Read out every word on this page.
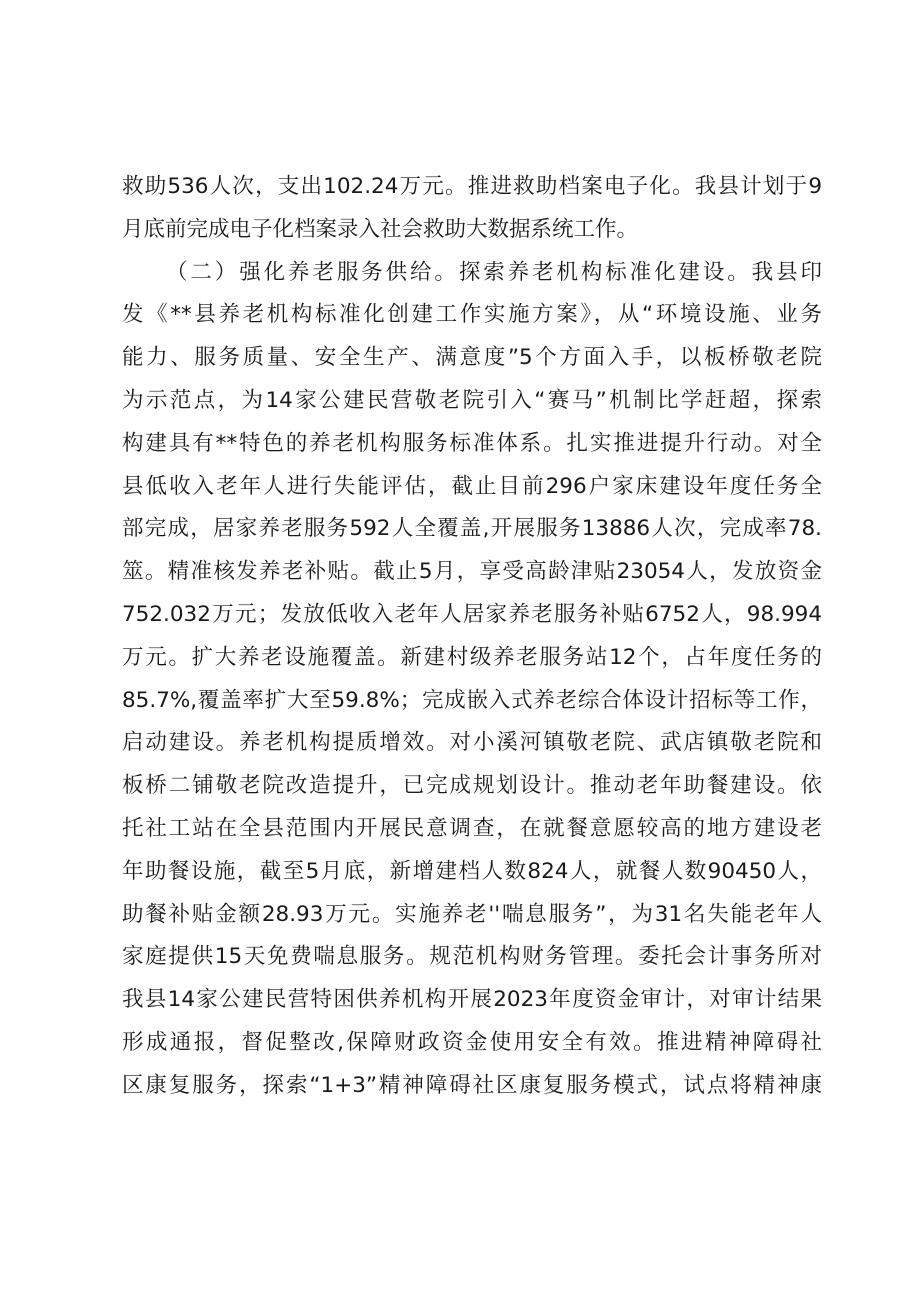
救助536人次，支出102.24万元。推进救助档案电子化。我县计划于9
月底前完成电子化档案录入社会救助大数据系统工作。
（二）强化养老服务供给。探索养老机构标准化建设。我县印
发《**县养老机构标准化创建工作实施方案》，从“环境设施、业务
能力、服务质量、安全生产、满意度”5个方面入手，以板桥敬老院
为示范点，为14家公建民营敬老院引入“赛马”机制比学赶超，探索
构建具有**特色的养老机构服务标准体系。扎实推进提升行动。对全
县低收入老年人进行失能评估，截止目前296户家床建设年度任务全
部完成，居家养老服务592人全覆盖,开展服务13886人次，完成率78.
筮。精准核发养老补贴。截止5月，享受高龄津贴23054人，发放资金
752.032万元；发放低收入老年人居家养老服务补贴6752人，98.994
万元。扩大养老设施覆盖。新建村级养老服务站12个，占年度任务的
85.7%,覆盖率扩大至59.8%；完成嵌入式养老综合体设计招标等工作，
启动建设。养老机构提质增效。对小溪河镇敬老院、武店镇敬老院和
板桥二铺敬老院改造提升，已完成规划设计。推动老年助餐建设。依
托社工站在全县范围内开展民意调查，在就餐意愿较高的地方建设老
年助餐设施，截至5月底，新增建档人数824人，就餐人数90450人，
助餐补贴金额28.93万元。实施养老''喘息服务”，为31名失能老年人
家庭提供15天免费喘息服务。规范机构财务管理。委托会计事务所对
我县14家公建民营特困供养机构开展2023年度资金审计，对审计结果
形成通报，督促整改,保障财政资金使用安全有效。推进精神障碍社
区康复服务，探索“1+3”精神障碍社区康复服务模式，试点将精神康
